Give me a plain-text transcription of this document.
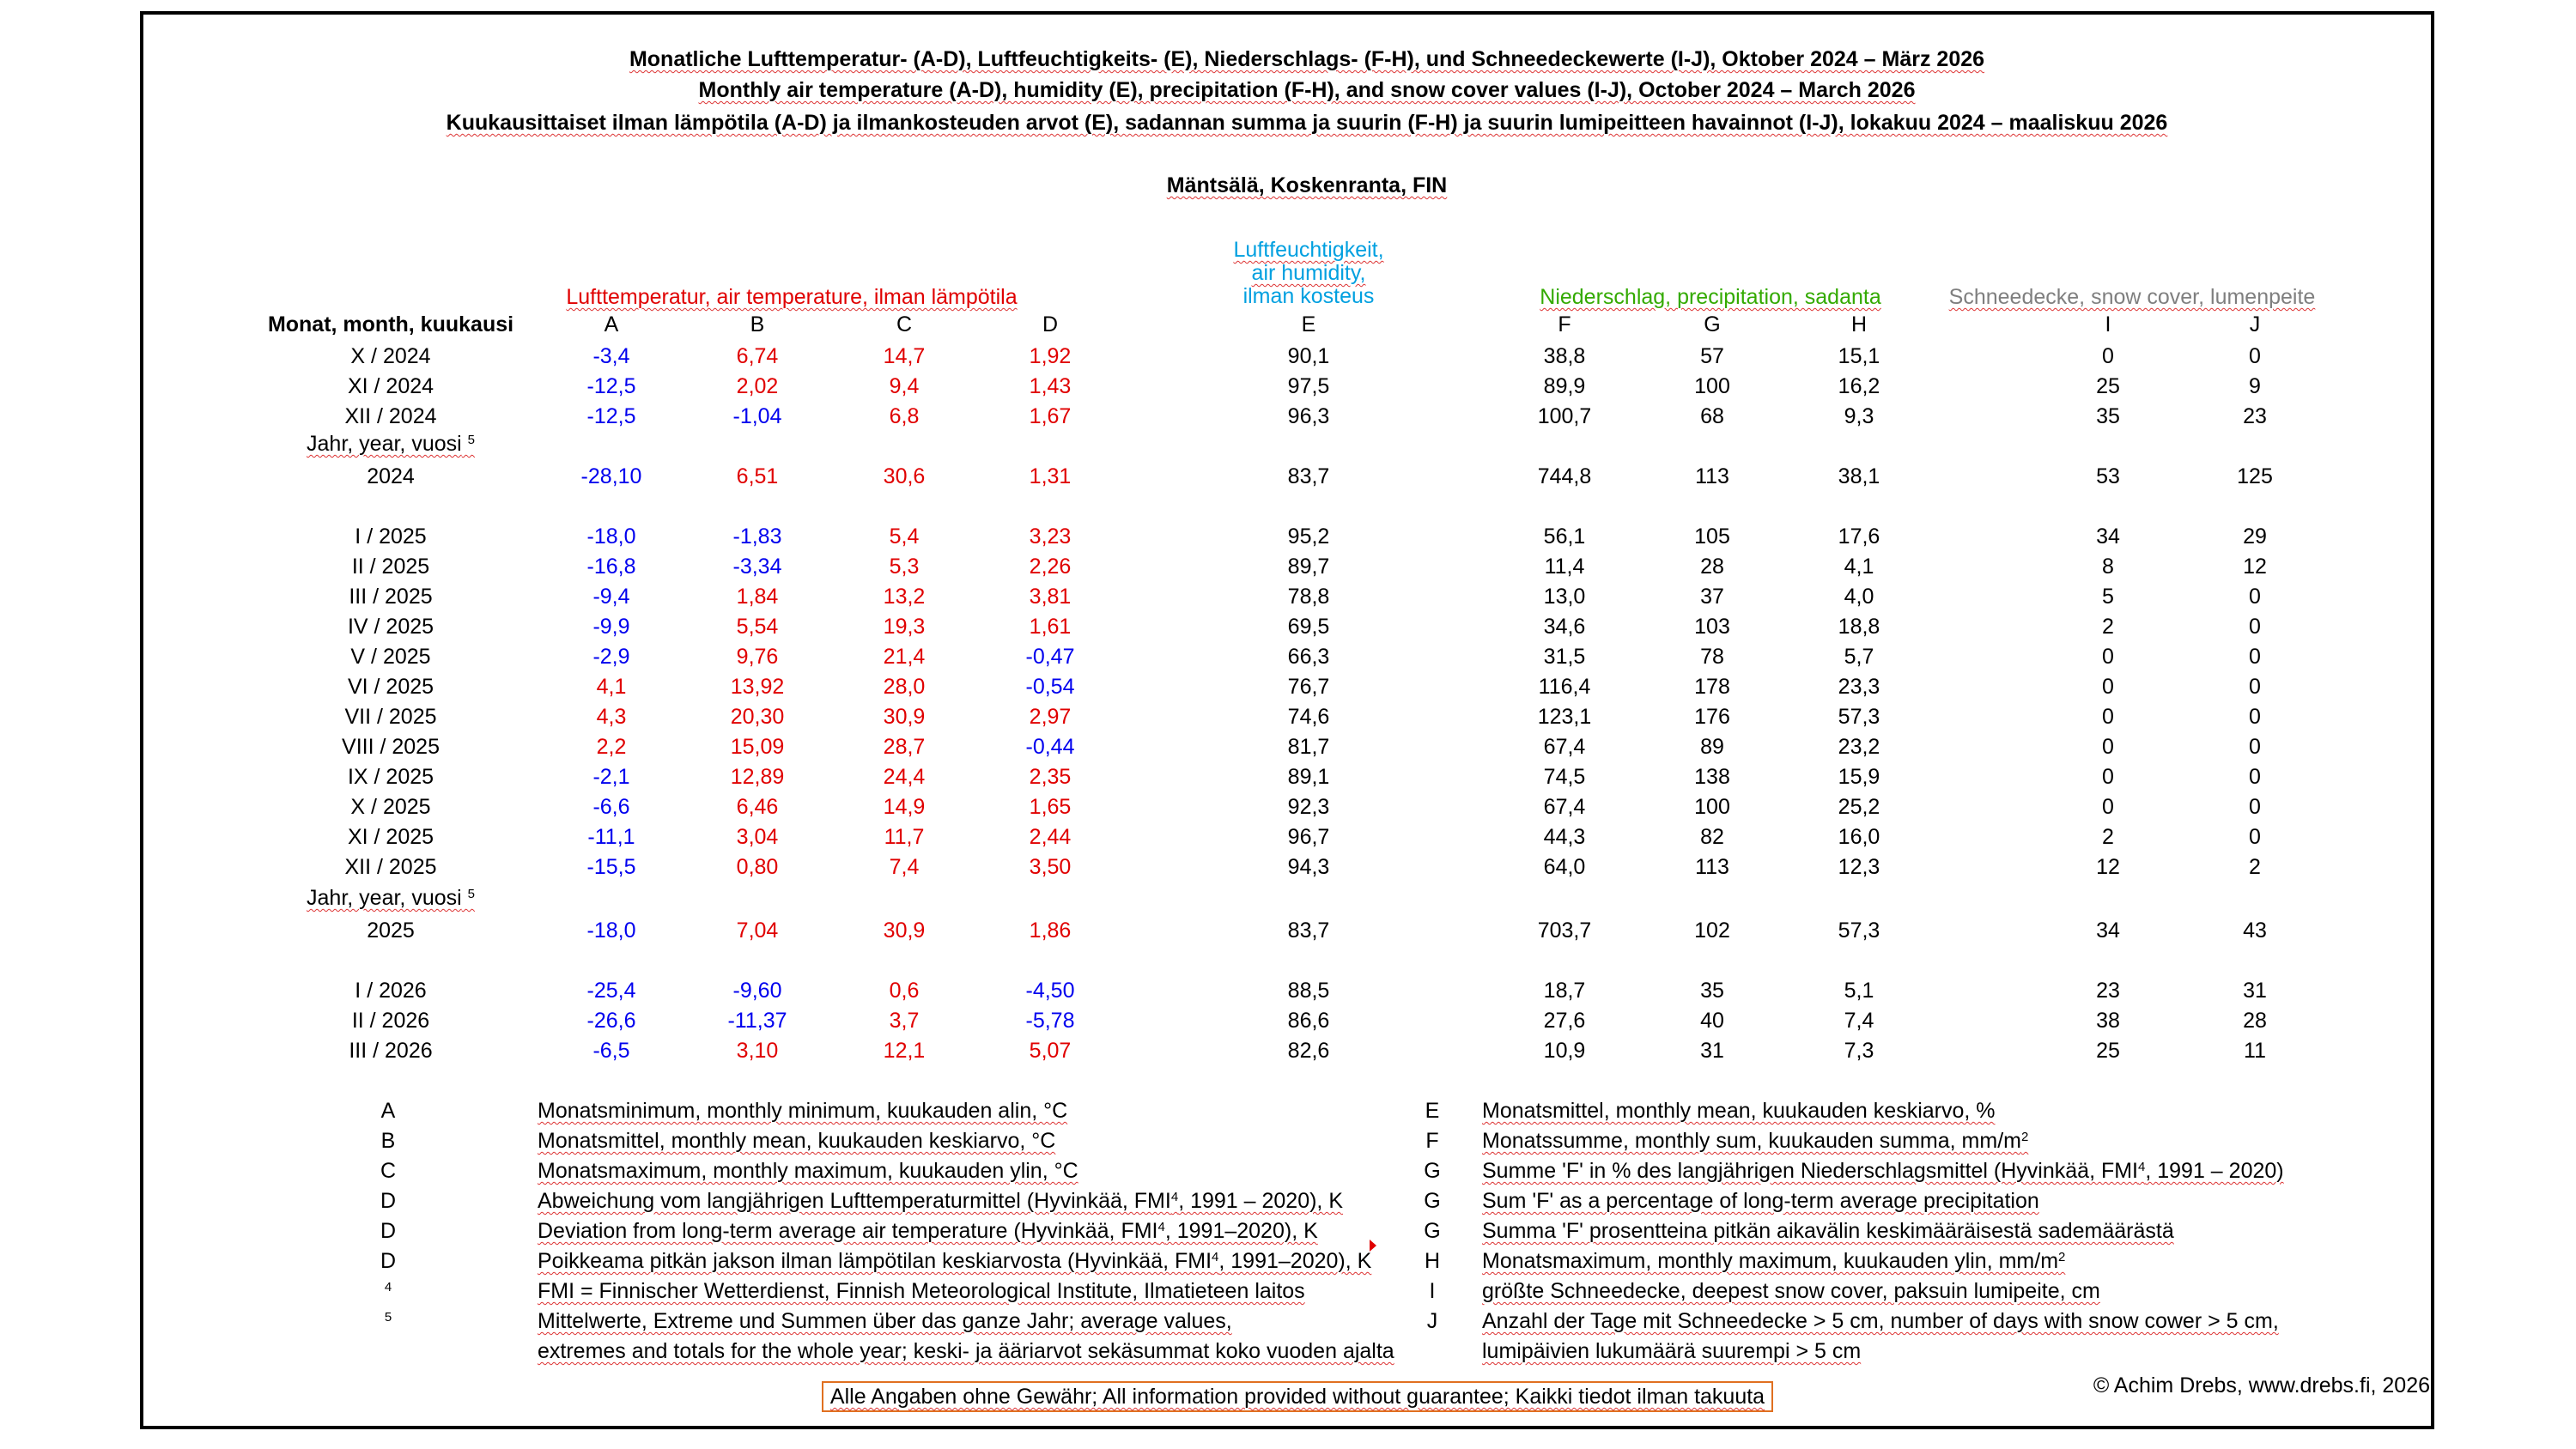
Monatliche Lufttemperatur- (A-D), Luftfeuchtigkeits- (E), Niederschlags- (F-H), und Schneedeckewerte (I-J), Oktober 2024 – März 2026
Monthly air temperature (A-D), humidity (E), precipitation (F-H), and snow cover values (I-J), October 2024 – March 2026
Kuukausittaiset ilman lämpötila (A-D) ja ilmankosteuden arvot (E), sadannan summa ja suurin (F-H) ja suurin lumipeitteen havainnot (I-J), lokakuu 2024 – maaliskuu 2026
Mäntsälä, Koskenranta, FIN
Luftfeuchtigkeit,
air humidity,
ilman kosteus
Lufttemperatur, air temperature, ilman lämpötila	Niederschlag, precipitation, sadanta	Schneedecke, snow cover, lumenpeite
Monat, month, kuukausi	A	B	C	D	E	F	G	H	I	J
X / 2024	-3,4	6,74	14,7	1,92	90,1	38,8	57	15,1	0	0
XI / 2024	-12,5	2,02	9,4	1,43	97,5	89,9	100	16,2	25	9
XII / 2024	-12,5	-1,04	6,8	1,67	96,3	100,7	68	9,3	35	23
2024	-28,10	6,51	30,6	1,31	83,7	744,8	113	38,1	53	125
I / 2025	-18,0	-1,83	5,4	3,23	95,2	56,1	105	17,6	34	29
II / 2025	-16,8	-3,34	5,3	2,26	89,7	11,4	28	4,1	8	12
III / 2025	-9,4	1,84	13,2	3,81	78,8	13,0	37	4,0	5	0
IV / 2025	-9,9	5,54	19,3	1,61	69,5	34,6	103	18,8	2	0
V / 2025	-2,9	9,76	21,4	-0,47	66,3	31,5	78	5,7	0	0
VI / 2025	4,1	13,92	28,0	-0,54	76,7	116,4	178	23,3	0	0
VII / 2025	4,3	20,30	30,9	2,97	74,6	123,1	176	57,3	0	0
VIII / 2025	2,2	15,09	28,7	-0,44	81,7	67,4	89	23,2	0	0
IX / 2025	-2,1	12,89	24,4	2,35	89,1	74,5	138	15,9	0	0
X / 2025	-6,6	6,46	14,9	1,65	92,3	67,4	100	25,2	0	0
XI / 2025	-11,1	3,04	11,7	2,44	96,7	44,3	82	16,0	2	0
XII / 2025	-15,5	0,80	7,4	3,50	94,3	64,0	113	12,3	12	2
2025	-18,0	7,04	30,9	1,86	83,7	703,7	102	57,3	34	43
I / 2026	-25,4	-9,60	0,6	-4,50	88,5	18,7	35	5,1	23	31
II / 2026	-26,6	-11,37	3,7	-5,78	86,6	27,6	40	7,4	38	28
III / 2026	-6,5	3,10	12,1	5,07	82,6	10,9	31	7,3	25	11
Jahr, year, vuosi $^5$
Jahr, year, vuosi $^5$
A	Monatsminimum, monthly minimum, kuukauden alin, °C
B	Monatsmittel, monthly mean, kuukauden keskiarvo, °C
C	Monatsmaximum, monthly maximum, kuukauden ylin, °C
D	Abweichung vom langjährigen Lufttemperaturmittel (Hyvinkää, FMI$^4$, 1991 – 2020), K
D	Deviation from long-term average air temperature (Hyvinkää, FMI$^4$, 1991–2020), K
D	Poikkeama pitkän jakson ilman lämpötilan keskiarvosta (Hyvinkää, FMI$^4$, 1991–2020), K
4	FMI = Finnischer Wetterdienst, Finnish Meteorological Institute, Ilmatieteen laitos
5	Mittelwerte, Extreme und Summen über das ganze Jahr; average values,
extremes and totals for the whole year; keski- ja ääriarvot sekäsummat koko vuoden ajalta
E Monatsmittel, monthly mean, kuukauden keskiarvo, %
F Monatssumme, monthly sum, kuukauden summa, $mm/m^2$
G Summe 'F' in % des langjährigen Niederschlagsmittel (Hyvinkää, FMI$^4$, 1991 – 2020)
G Sum 'F' as a percentage of long-term average precipitation
G Summa 'F' prosentteina pitkän aikavälin keskimääräisestä sademäärästä
H Monatsmaximum, monthly maximum, kuukauden ylin, $mm/m^2$
I größte Schneedecke, deepest snow cover, paksuin lumipeite, cm
J Anzahl der Tage mit Schneedecke > 5 cm, number of days with snow cower > 5 cm,
lumipäivien lukumäärä suurempi > 5 cm
© Achim Drebs, www.drebs.fi, 2026
Alle Angaben ohne Gewähr; All information provided without guarantee; Kaikki tiedot ilman takuuta
